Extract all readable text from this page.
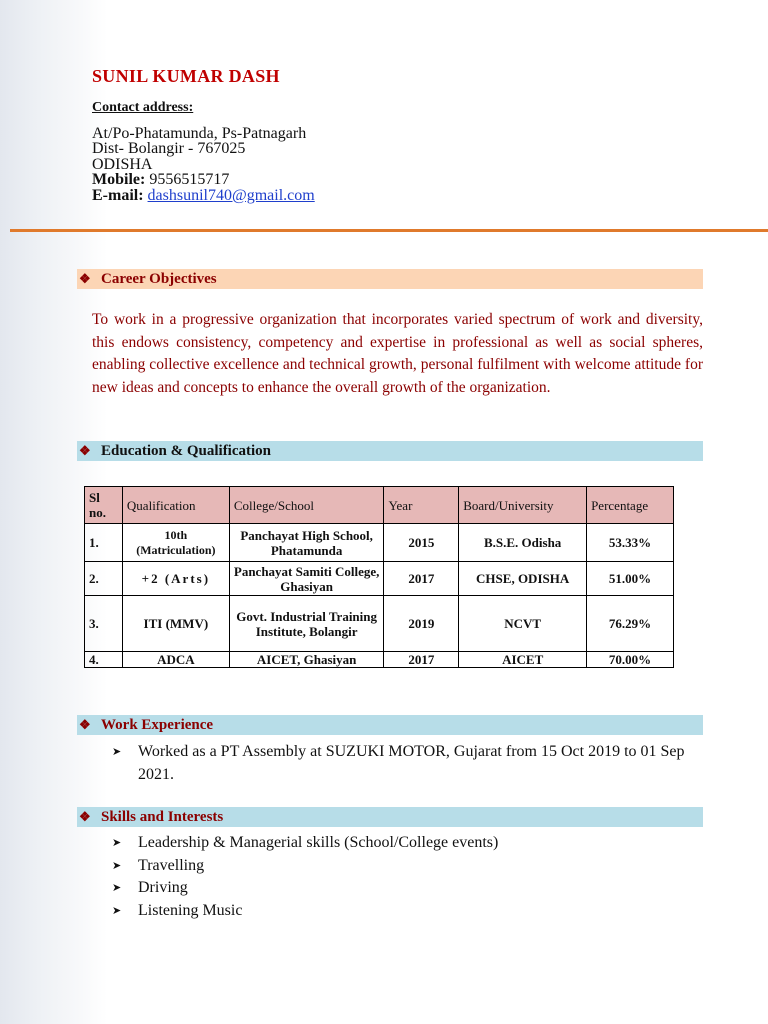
SUNIL KUMAR DASH
Contact address:
At/Po-Phatamunda, Ps-Patnagarh
Dist- Bolangir - 767025
ODISHA
Mobile: 9556515717
E-mail: dashsunil740@gmail.com
❖ Career Objectives
To work in a progressive organization that incorporates varied spectrum of work and diversity, this endows consistency, competency and expertise in professional as well as social spheres, enabling collective excellence and technical growth, personal fulfilment with welcome attitude for new ideas and concepts to enhance the overall growth of the organization.
❖ Education & Qualification
Sl no.	Qualification	College/School	Year	Board/University	Percentage
1.	10th (Matriculation)	Panchayat High School, Phatamunda	2015	B.S.E. Odisha	53.33%
2.	+2 (Arts)	Panchayat Samiti College, Ghasiyan	2017	CHSE, ODISHA	51.00%
3.	ITI (MMV)	Govt. Industrial Training Institute, Bolangir	2019	NCVT	76.29%
4.	ADCA	AICET, Ghasiyan	2017	AICET	70.00%
❖ Work Experience
➤ Worked as a PT Assembly at SUZUKI MOTOR, Gujarat from 15 Oct 2019 to 01 Sep 2021.
❖ Skills and Interests
➤ Leadership & Managerial skills (School/College events)
➤ Travelling
➤ Driving
➤ Listening Music
